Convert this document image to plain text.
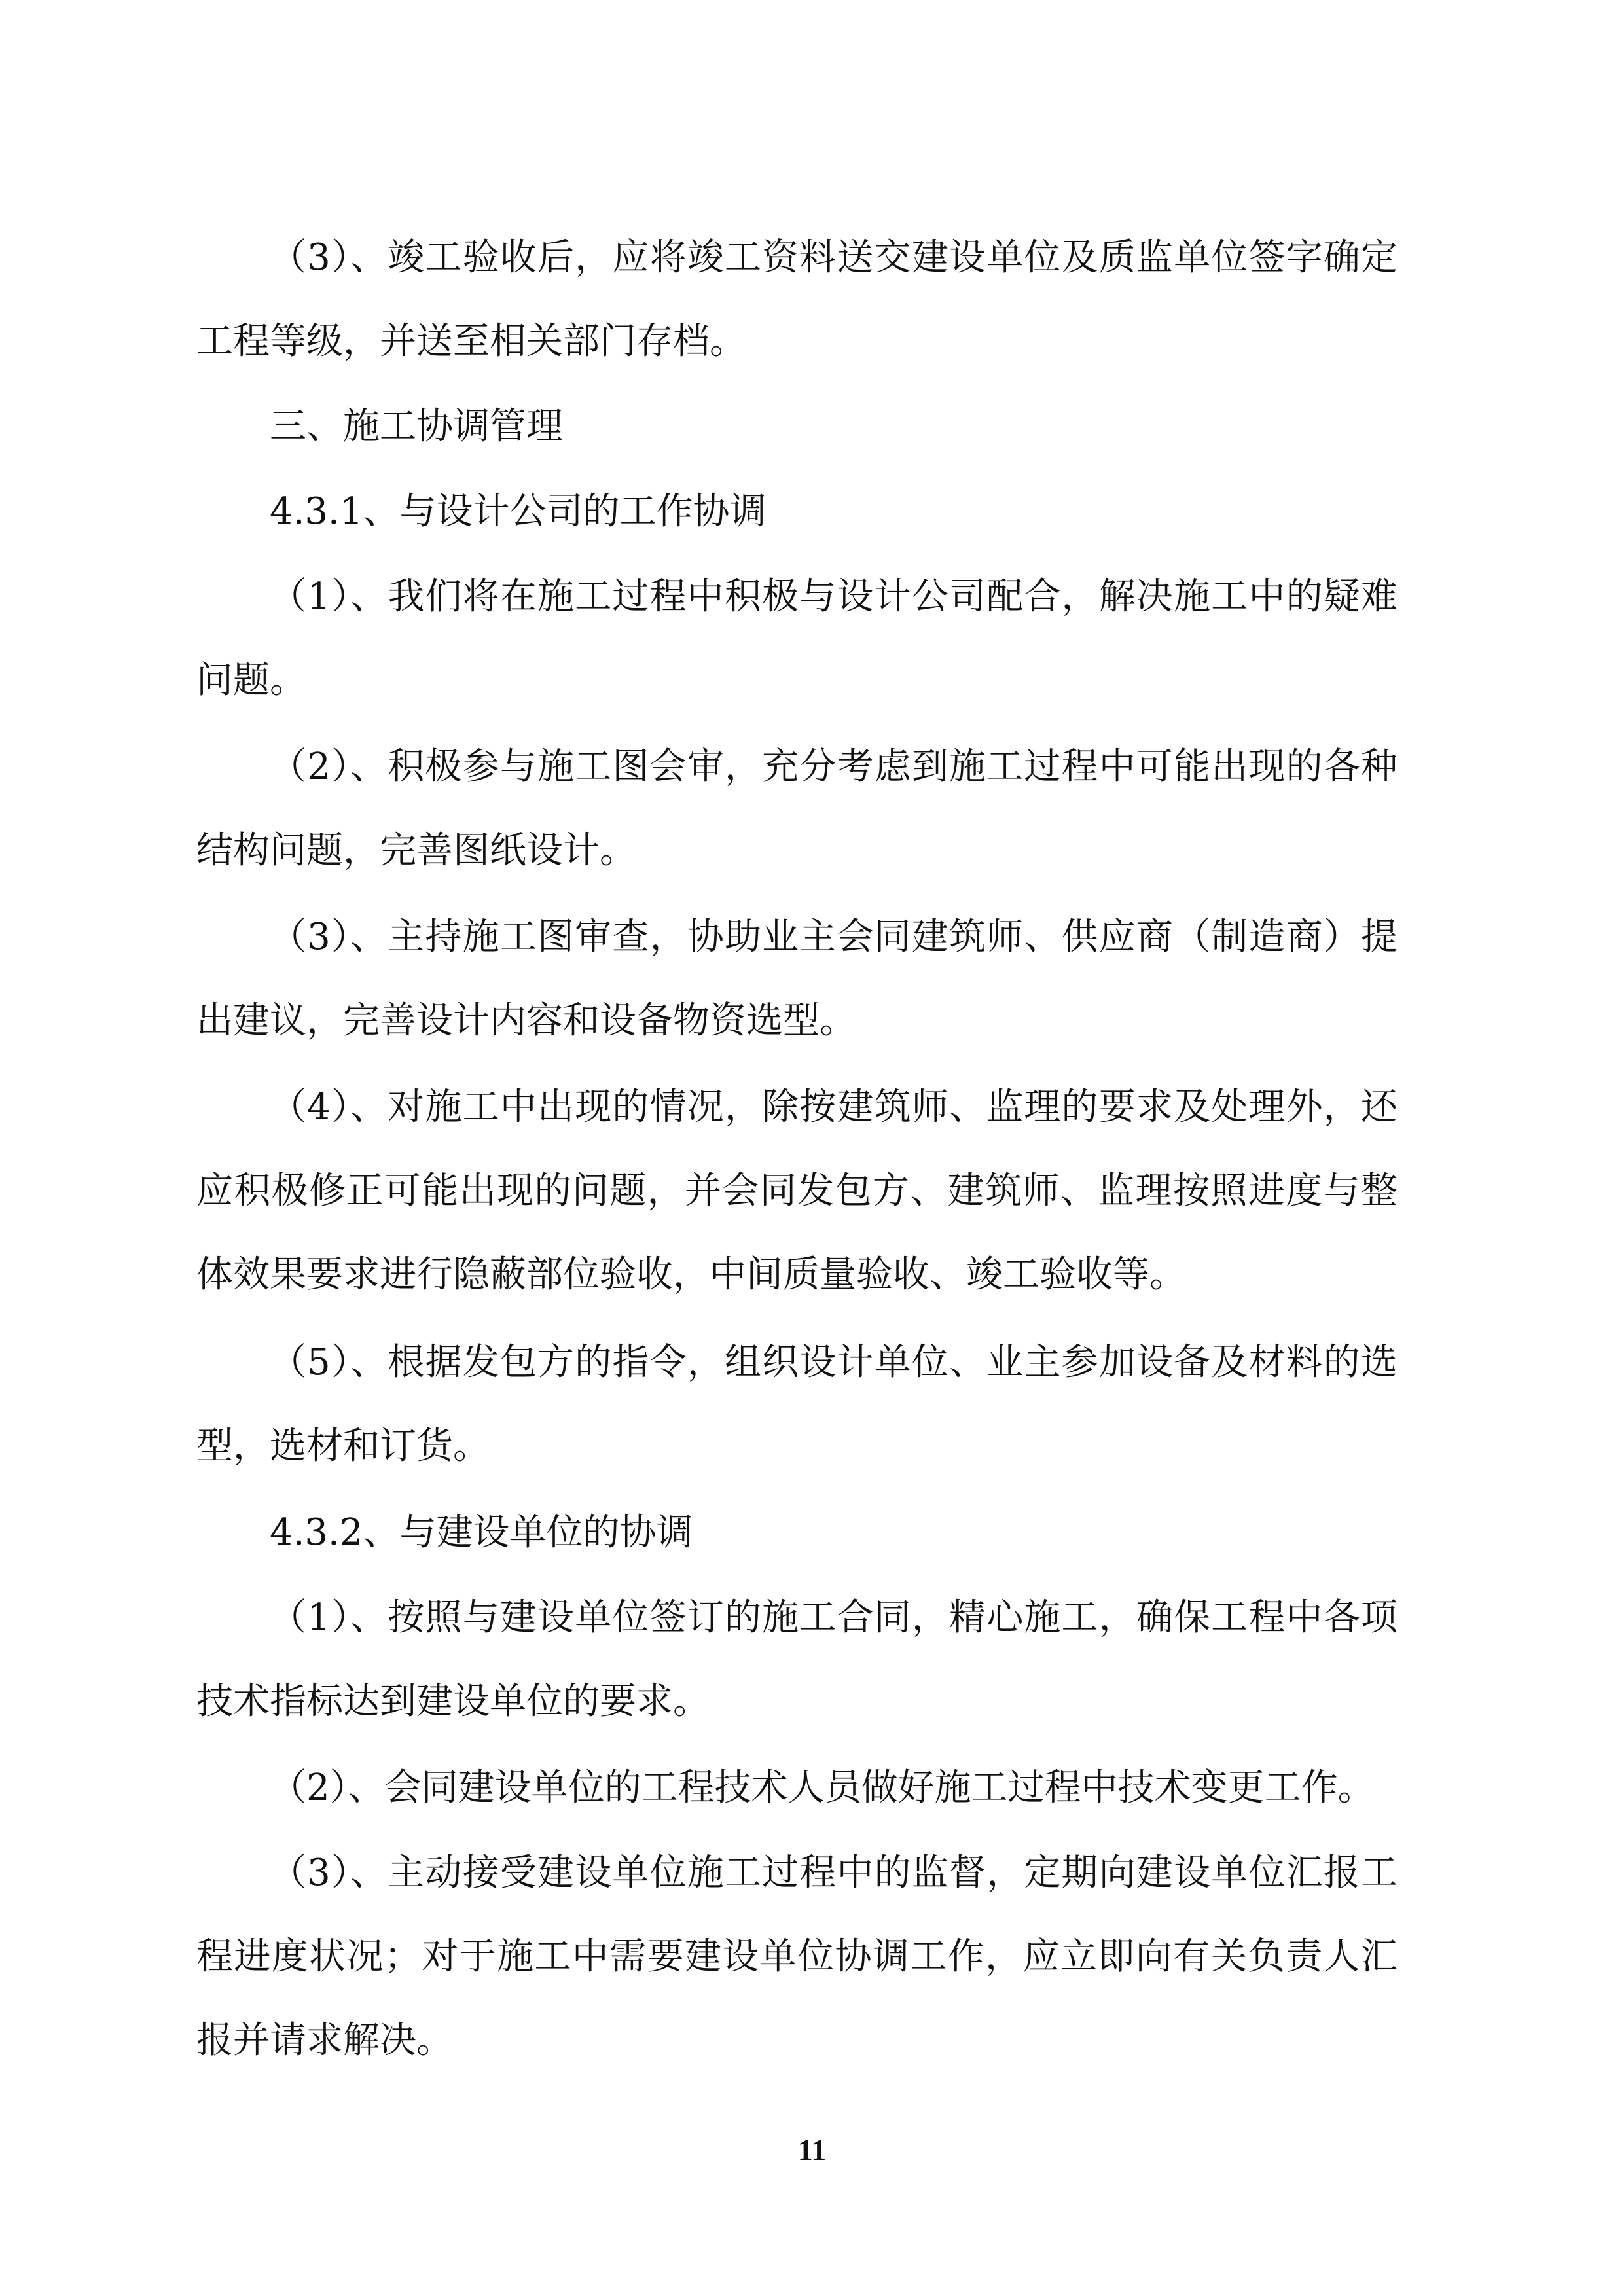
（3）、竣工验收后，应将竣工资料送交建设单位及质监单位签字确定工程等级，并送至相关部门存档。

三、施工协调管理

4.3.1、与设计公司的工作协调

（1）、我们将在施工过程中积极与设计公司配合，解决施工中的疑难问题。

（2）、积极参与施工图会审，充分考虑到施工过程中可能出现的各种结构问题，完善图纸设计。

（3）、主持施工图审查，协助业主会同建筑师、供应商（制造商）提出建议，完善设计内容和设备物资选型。

（4）、对施工中出现的情况，除按建筑师、监理的要求及处理外，还应积极修正可能出现的问题，并会同发包方、建筑师、监理按照进度与整体效果要求进行隐蔽部位验收，中间质量验收、竣工验收等。

（5）、根据发包方的指令，组织设计单位、业主参加设备及材料的选型，选材和订货。

4.3.2、与建设单位的协调

（1）、按照与建设单位签订的施工合同，精心施工，确保工程中各项技术指标达到建设单位的要求。

（2）、会同建设单位的工程技术人员做好施工过程中技术变更工作。

（3）、主动接受建设单位施工过程中的监督，定期向建设单位汇报工程进度状况；对于施工中需要建设单位协调工作，应立即向有关负责人汇报并请求解决。

11
